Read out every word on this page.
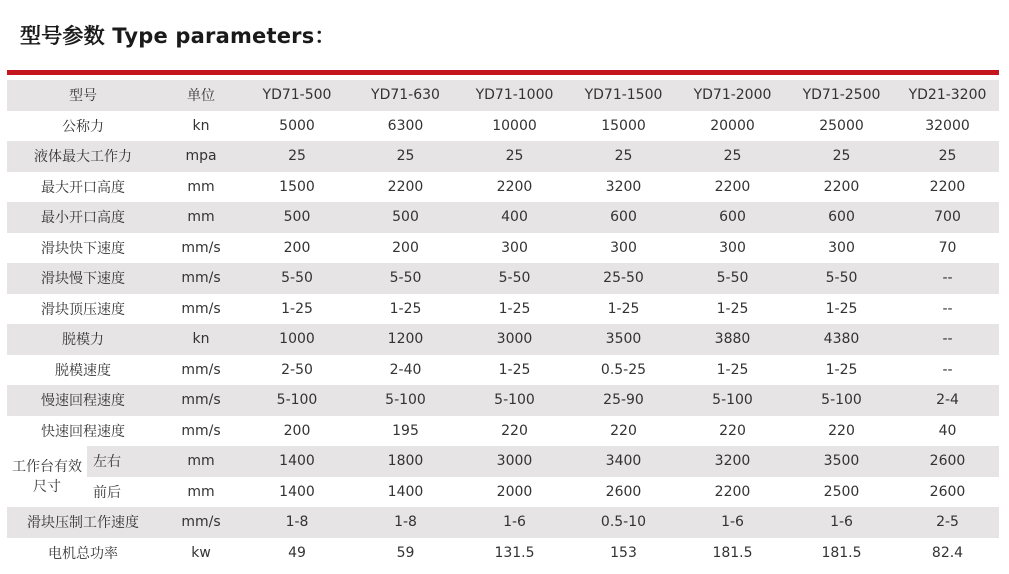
型号参数 Type parameters：
型号		单位	YD71-500	YD71-630	YD71-1000	YD71-1500	YD71-2000	YD71-2500	YD21-3200
公称力		kn	5000	6300	10000	15000	20000	25000	32000
液体最大工作力		mpa	25	25	25	25	25	25	25
最大开口高度		mm	1500	2200	2200	3200	2200	2200	2200
最小开口高度		mm	500	500	400	600	600	600	700
滑块快下速度		mm/s	200	200	300	300	300	300	70
滑块慢下速度		mm/s	5-50	5-50	5-50	25-50	5-50	5-50	--
滑块顶压速度		mm/s	1-25	1-25	1-25	1-25	1-25	1-25	--
脱模力		kn	1000	1200	3000	3500	3880	4380	--
脱模速度		mm/s	2-50	2-40	1-25	0.5-25	1-25	1-25	--
慢速回程速度		mm/s	5-100	5-100	5-100	25-90	5-100	5-100	2-4
快速回程速度		mm/s	200	195	220	220	220	220	40
工作台有效尺寸	左右	mm	1400	1800	3000	3400	3200	3500	2600
	前后	mm	1400	1400	2000	2600	2200	2500	2600
滑块压制工作速度		mm/s	1-8	1-8	1-6	0.5-10	1-6	1-6	2-5
电机总功率		kw	49	59	131.5	153	181.5	181.5	82.4
